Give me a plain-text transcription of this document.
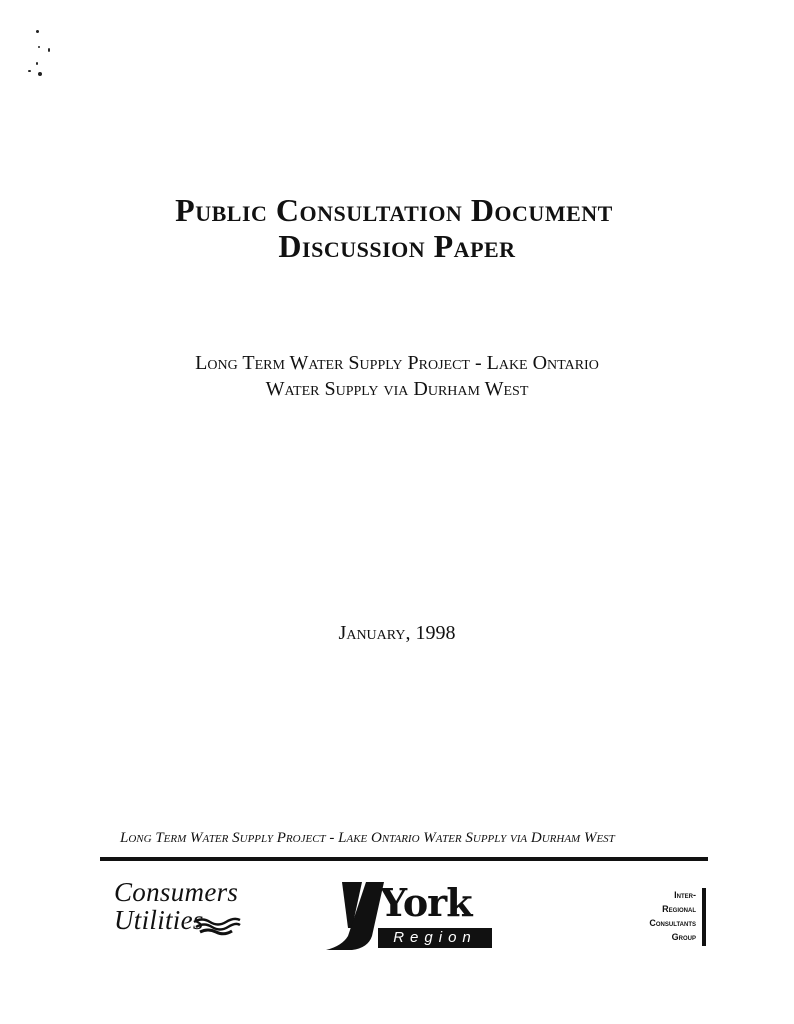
Public Consultation Document
Discussion Paper
Long Term Water Supply Project - Lake Ontario
Water Supply via Durham West
January, 1998
Long Term Water Supply Project - Lake Ontario Water Supply via Durham West
Consumers
Utilities	York
Region
Inter-
Regional
Consultants
Group
